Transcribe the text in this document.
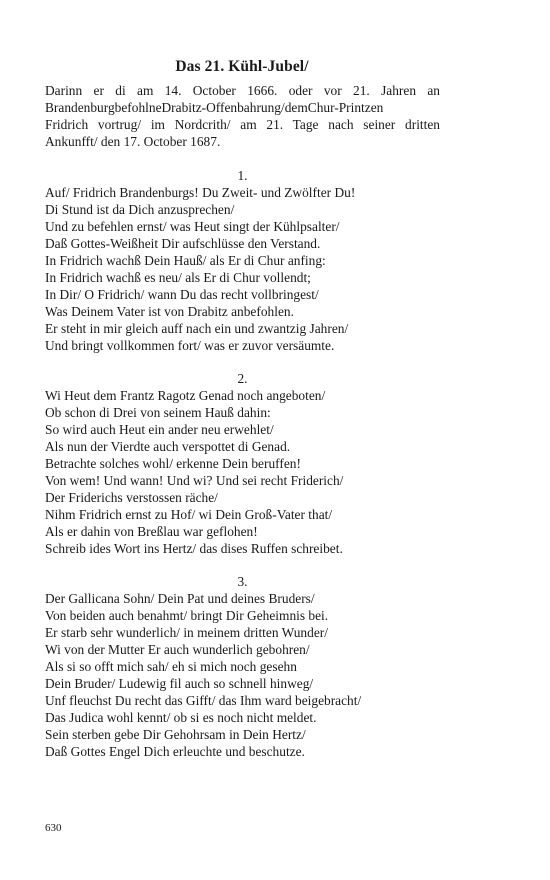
Das 21. Kühl-Jubel/
Darinn er di am 14. October 1666. oder vor 21. Jahren an
BrandenburgbefohlneDrabitz-Offenbahrung/demChur-Printzen
Fridrich vortrug/ im Nordcrith/ am 21. Tage nach seiner dritten
Ankunfft/ den 17. October 1687.
1.
Auf/ Fridrich Brandenburgs! Du Zweit- und Zwölfter Du!
Di Stund ist da Dich anzusprechen/
Und zu befehlen ernst/ was Heut singt der Kühlpsalter/
Daß Gottes-Weißheit Dir aufschlüsse den Verstand.
In Fridrich wachß Dein Hauß/ als Er di Chur anfing:
In Fridrich wachß es neu/ als Er di Chur vollendt;
In Dir/ O Fridrich/ wann Du das recht vollbringest/
Was Deinem Vater ist von Drabitz anbefohlen.
Er steht in mir gleich auff nach ein und zwantzig Jahren/
Und bringt vollkommen fort/ was er zuvor versäumte.
2.
Wi Heut dem Frantz Ragotz Genad noch angeboten/
Ob schon di Drei von seinem Hauß dahin:
So wird auch Heut ein ander neu erwehlet/
Als nun der Vierdte auch verspottet di Genad.
Betrachte solches wohl/ erkenne Dein beruffen!
Von wem! Und wann! Und wi? Und sei recht Friderich/
Der Friderichs verstossen räche/
Nihm Fridrich ernst zu Hof/ wi Dein Groß-Vater that/
Als er dahin von Breßlau war geflohen!
Schreib ides Wort ins Hertz/ das dises Ruffen schreibet.
3.
Der Gallicana Sohn/ Dein Pat und deines Bruders/
Von beiden auch benahmt/ bringt Dir Geheimnis bei.
Er starb sehr wunderlich/ in meinem dritten Wunder/
Wi von der Mutter Er auch wunderlich gebohren/
Als si so offt mich sah/ eh si mich noch gesehn
Dein Bruder/ Ludewig fil auch so schnell hinweg/
Unf fleuchst Du recht das Gifft/ das Ihm ward beigebracht/
Das Judica wohl kennt/ ob si es noch nicht meldet.
Sein sterben gebe Dir Gehohrsam in Dein Hertz/
Daß Gottes Engel Dich erleuchte und beschutze.
630
